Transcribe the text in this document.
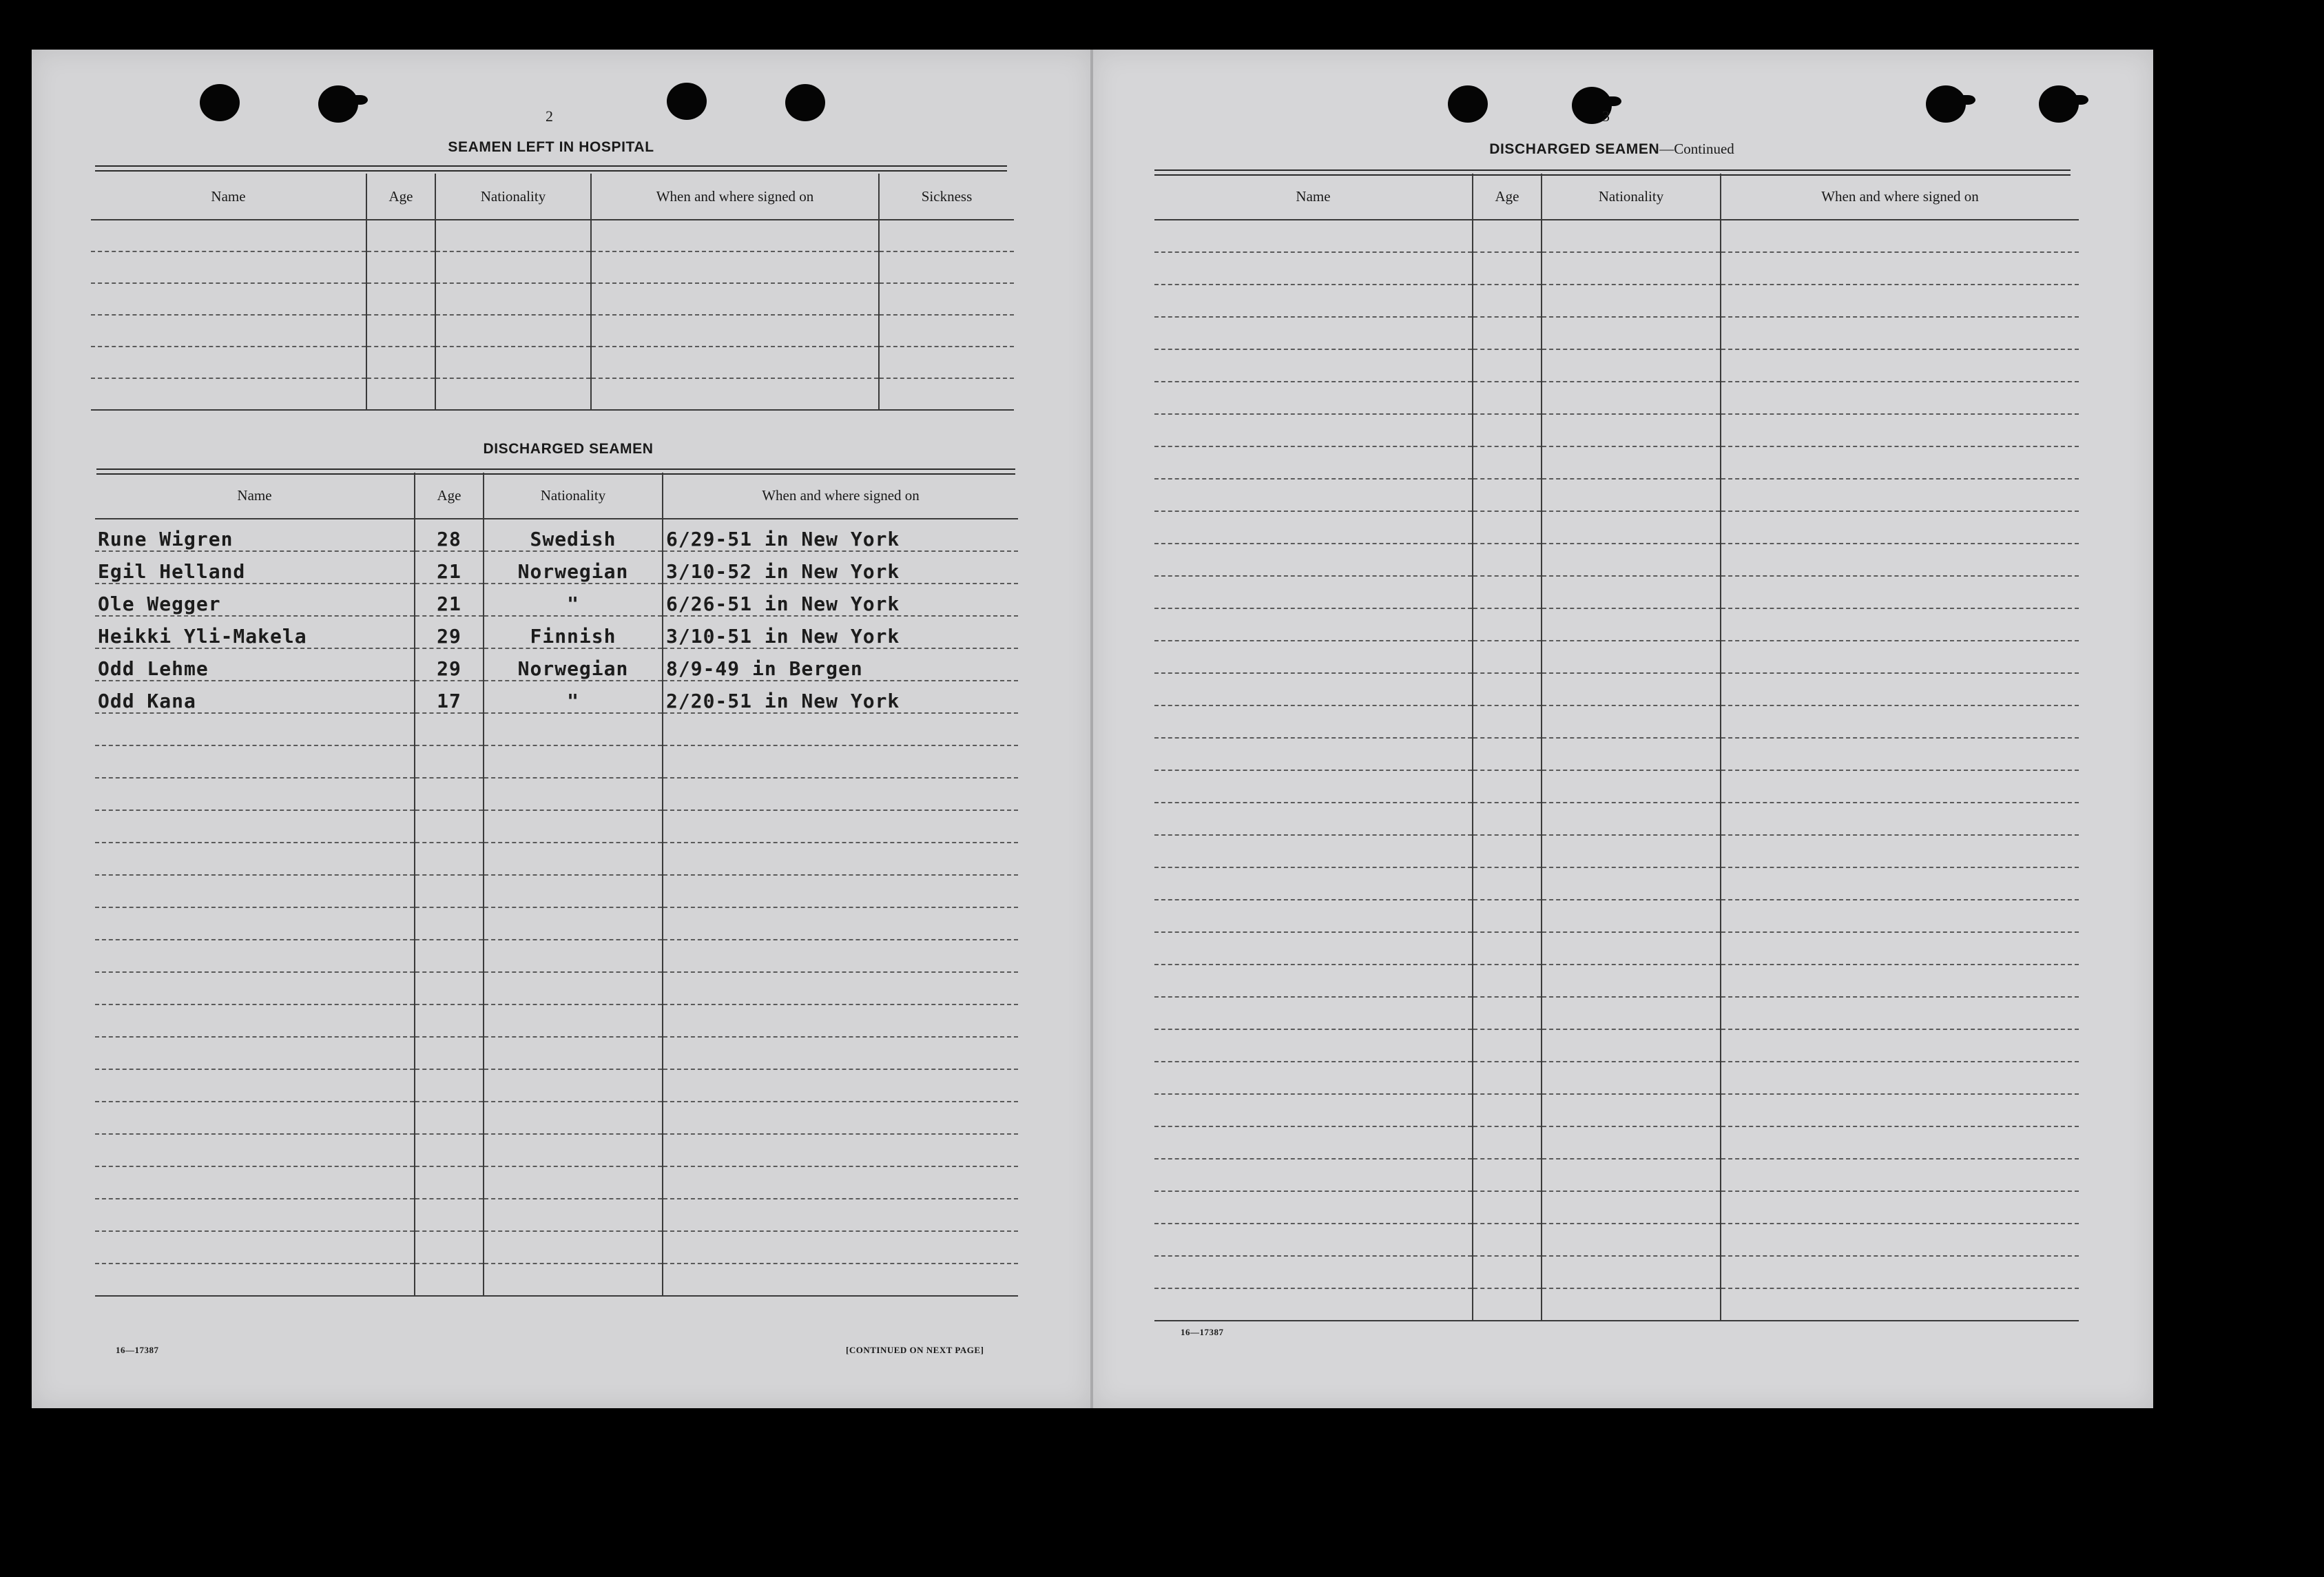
2
SEAMEN LEFT IN HOSPITAL
Name	Age	Nationality	When and where signed on	Sickness

DISCHARGED SEAMEN
Name	Age	Nationality	When and where signed on
Rune Wigren	28	Swedish	6/29-51 in New York
Egil Helland	21	Norwegian	3/10-52 in New York
Ole Wegger	21	"	6/26-51 in New York
Heikki Yli-Makela	29	Finnish	3/10-51 in New York
Odd Lehme	29	Norwegian	8/9-49 in Bergen
Odd Kana	17	"	2/20-51 in New York

16—17387	[CONTINUED ON NEXT PAGE]
3
DISCHARGED SEAMEN—Continued
Name	Age	Nationality	When and where signed on

16—17387
